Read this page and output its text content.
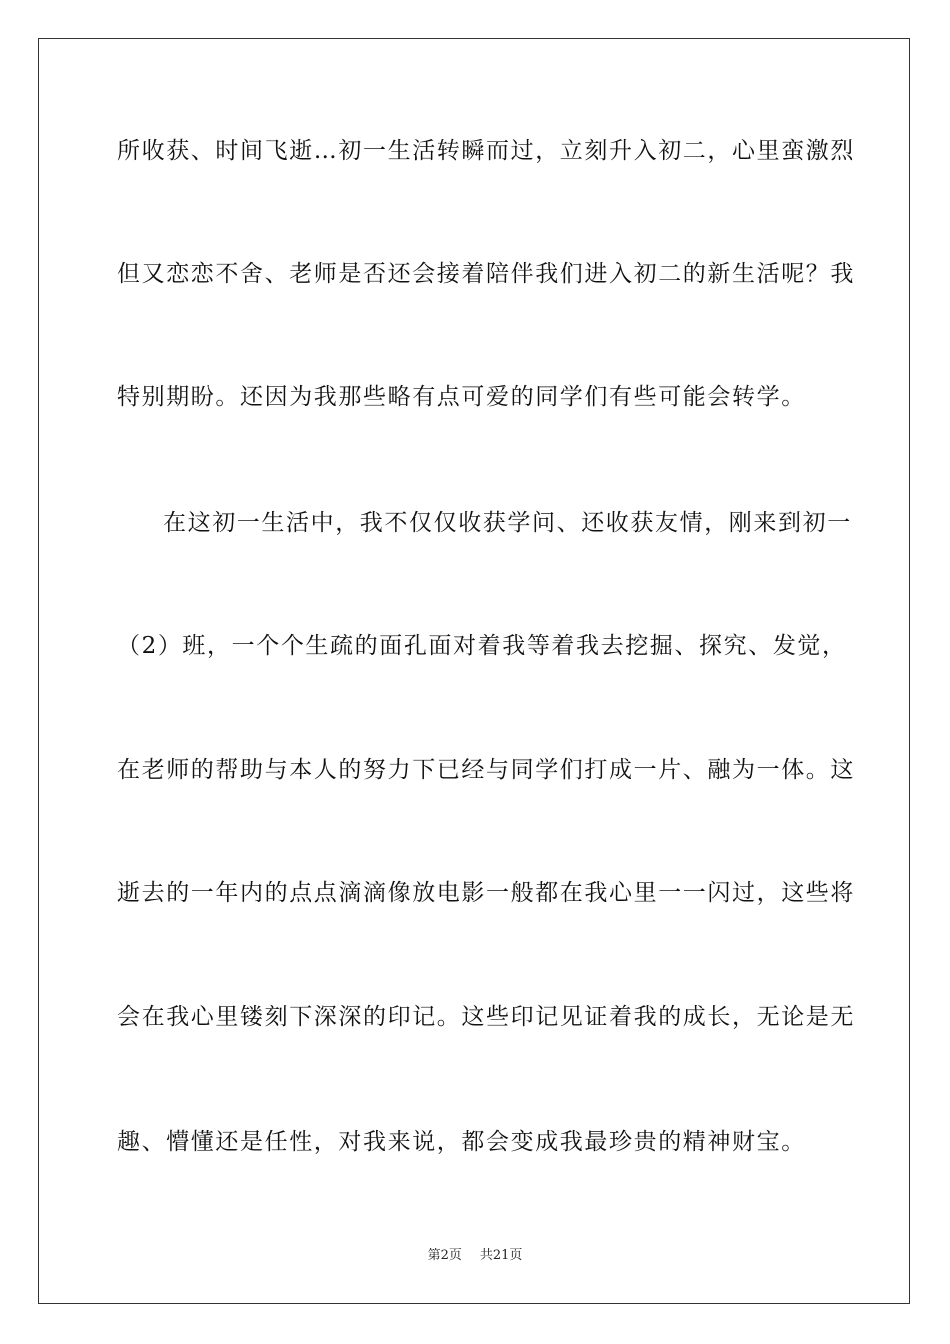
所收获、时间飞逝…初一生活转瞬而过，立刻升入初二，心里蛮激烈
但又恋恋不舍、老师是否还会接着陪伴我们进入初二的新生活呢？我
特别期盼。还因为我那些略有点可爱的同学们有些可能会转学。
在这初一生活中，我不仅仅收获学问、还收获友情，刚来到初一
（2）班，一个个生疏的面孔面对着我等着我去挖掘、探究、发觉，
在老师的帮助与本人的努力下已经与同学们打成一片、融为一体。这
逝去的一年内的点点滴滴像放电影一般都在我心里一一闪过，这些将
会在我心里镂刻下深深的印记。这些印记见证着我的成长，无论是无
趣、懵懂还是任性，对我来说，都会变成我最珍贵的精神财宝。
第2页 共21页
